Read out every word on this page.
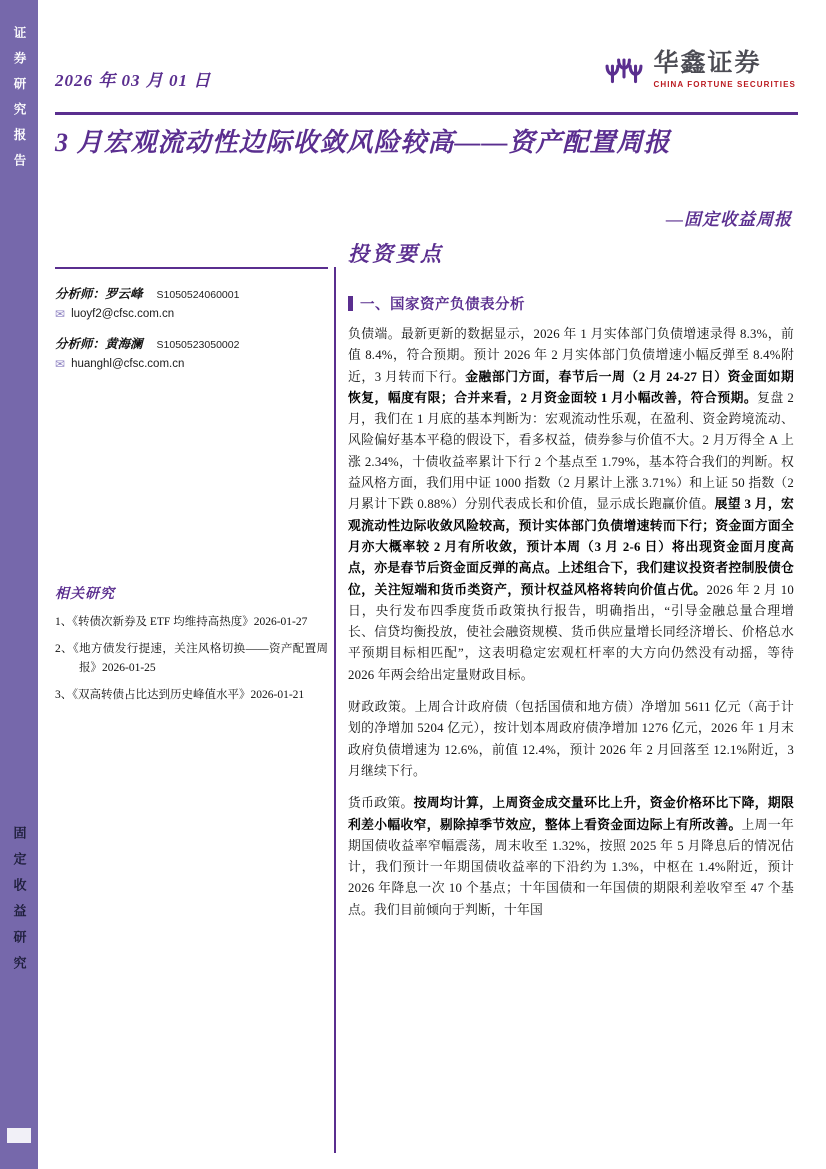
证券研究报告
固定收益研究
2026 年 03 月 01 日
华鑫证券
CHINA FORTUNE SECURITIES
3 月宏观流动性边际收敛风险较高——资产配置周报
—固定收益周报
分析师：罗云峰 S1050524060001
✉ luoyf2@cfsc.com.cn
分析师：黄海澜 S1050523050002
✉ huanghl@cfsc.com.cn
相关研究
1、《转债次新券及 ETF 均维持高热度》2026-01-27
2、《地方债发行提速，关注风格切换——资产配置周报》2026-01-25
3、《双高转债占比达到历史峰值水平》2026-01-21
投资要点
一、国家资产负债表分析

负债端。最新更新的数据显示，2026 年 1 月实体部门负债增速录得 8.3%，前值 8.4%，符合预期。预计 2026 年 2 月实体部门负债增速小幅反弹至 8.4%附近，3 月转而下行。金融部门方面，春节后一周（2 月 24-27 日）资金面如期恢复，幅度有限；合并来看，2 月资金面较 1 月小幅改善，符合预期。复盘 2 月，我们在 1 月底的基本判断为：宏观流动性乐观，在盈利、资金跨境流动、风险偏好基本平稳的假设下，看多权益，债券参与价值不大。2 月万得全 A 上涨 2.34%，十债收益率累计下行 2 个基点至 1.79%，基本符合我们的判断。权益风格方面，我们用中证 1000 指数（2 月累计上涨 3.71%）和上证 50 指数（2 月累计下跌 0.88%）分别代表成长和价值，显示成长跑赢价值。展望 3 月，宏观流动性边际收敛风险较高，预计实体部门负债增速转而下行；资金面方面全月亦大概率较 2 月有所收敛，预计本周（3 月 2-6 日）将出现资金面月度高点，亦是春节后资金面反弹的高点。上述组合下，我们建议投资者控制股债仓位，关注短端和货币类资产，预计权益风格将转向价值占优。2026 年 2 月 10 日，央行发布四季度货币政策执行报告，明确指出，“引导金融总量合理增长、信贷均衡投放，使社会融资规模、货币供应量增长同经济增长、价格总水平预期目标相匹配”，这表明稳定宏观杠杆率的大方向仍然没有动摇，等待 2026 年两会给出定量财政目标。

财政政策。上周合计政府债（包括国债和地方债）净增加 5611 亿元（高于计划的净增加 5204 亿元），按计划本周政府债净增加 1276 亿元，2026 年 1 月末政府负债增速为 12.6%，前值 12.4%，预计 2026 年 2 月回落至 12.1%附近，3 月继续下行。

货币政策。按周均计算，上周资金成交量环比上升，资金价格环比下降，期限利差小幅收窄，剔除掉季节效应，整体上看资金面边际上有所改善。上周一年期国债收益率窄幅震荡，周末收至 1.32%，按照 2025 年 5 月降息后的情况估计，我们预计一年期国债收益率的下沿约为 1.3%，中枢在 1.4%附近，预计 2026 年降息一次 10 个基点；十年国债和一年国债的期限利差收窄至 47 个基点。我们目前倾向于判断，十年国
